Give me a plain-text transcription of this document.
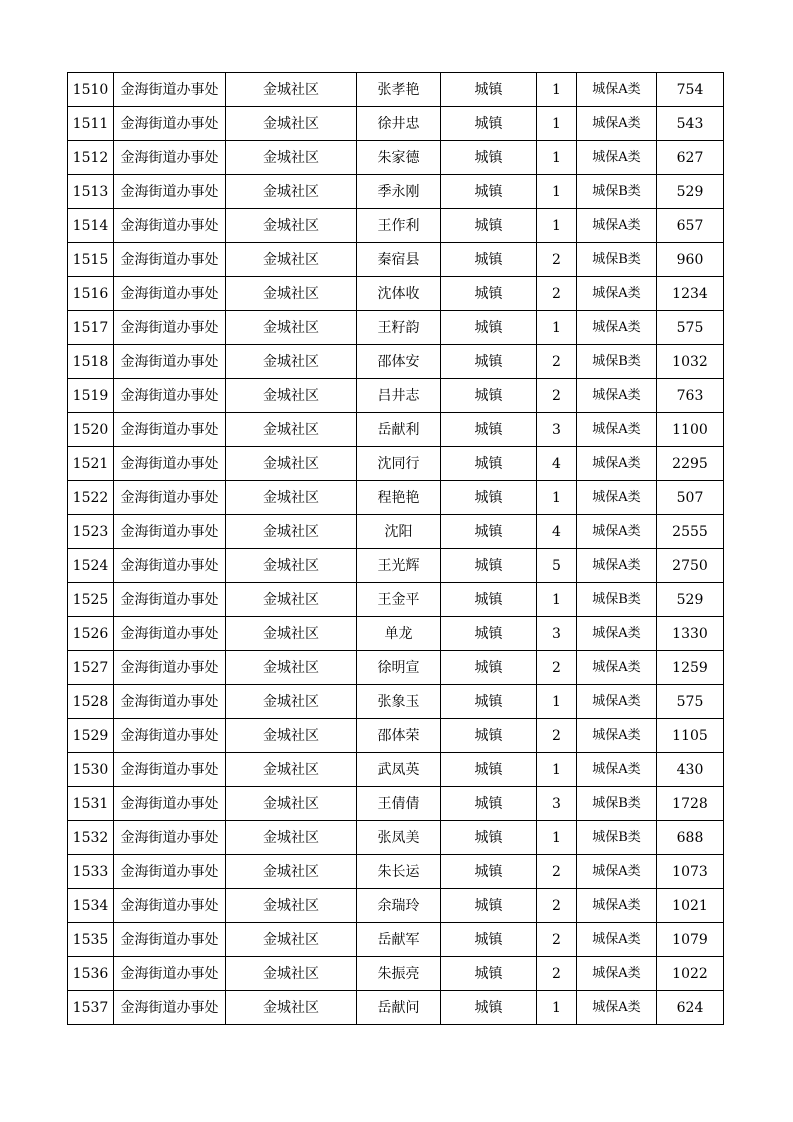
1510	金海街道办事处	金城社区	张孝艳	城镇	1	城保A类	754
1511	金海街道办事处	金城社区	徐井忠	城镇	1	城保A类	543
1512	金海街道办事处	金城社区	朱家德	城镇	1	城保A类	627
1513	金海街道办事处	金城社区	季永刚	城镇	1	城保B类	529
1514	金海街道办事处	金城社区	王作利	城镇	1	城保A类	657
1515	金海街道办事处	金城社区	秦宿县	城镇	2	城保B类	960
1516	金海街道办事处	金城社区	沈体收	城镇	2	城保A类	1234
1517	金海街道办事处	金城社区	王籽韵	城镇	1	城保A类	575
1518	金海街道办事处	金城社区	邵体安	城镇	2	城保B类	1032
1519	金海街道办事处	金城社区	吕井志	城镇	2	城保A类	763
1520	金海街道办事处	金城社区	岳献利	城镇	3	城保A类	1100
1521	金海街道办事处	金城社区	沈同行	城镇	4	城保A类	2295
1522	金海街道办事处	金城社区	程艳艳	城镇	1	城保A类	507
1523	金海街道办事处	金城社区	沈阳	城镇	4	城保A类	2555
1524	金海街道办事处	金城社区	王光辉	城镇	5	城保A类	2750
1525	金海街道办事处	金城社区	王金平	城镇	1	城保B类	529
1526	金海街道办事处	金城社区	单龙	城镇	3	城保A类	1330
1527	金海街道办事处	金城社区	徐明宣	城镇	2	城保A类	1259
1528	金海街道办事处	金城社区	张象玉	城镇	1	城保A类	575
1529	金海街道办事处	金城社区	邵体荣	城镇	2	城保A类	1105
1530	金海街道办事处	金城社区	武凤英	城镇	1	城保A类	430
1531	金海街道办事处	金城社区	王倩倩	城镇	3	城保B类	1728
1532	金海街道办事处	金城社区	张凤美	城镇	1	城保B类	688
1533	金海街道办事处	金城社区	朱长运	城镇	2	城保A类	1073
1534	金海街道办事处	金城社区	余瑞玲	城镇	2	城保A类	1021
1535	金海街道办事处	金城社区	岳献军	城镇	2	城保A类	1079
1536	金海街道办事处	金城社区	朱振亮	城镇	2	城保A类	1022
1537	金海街道办事处	金城社区	岳献问	城镇	1	城保A类	624
